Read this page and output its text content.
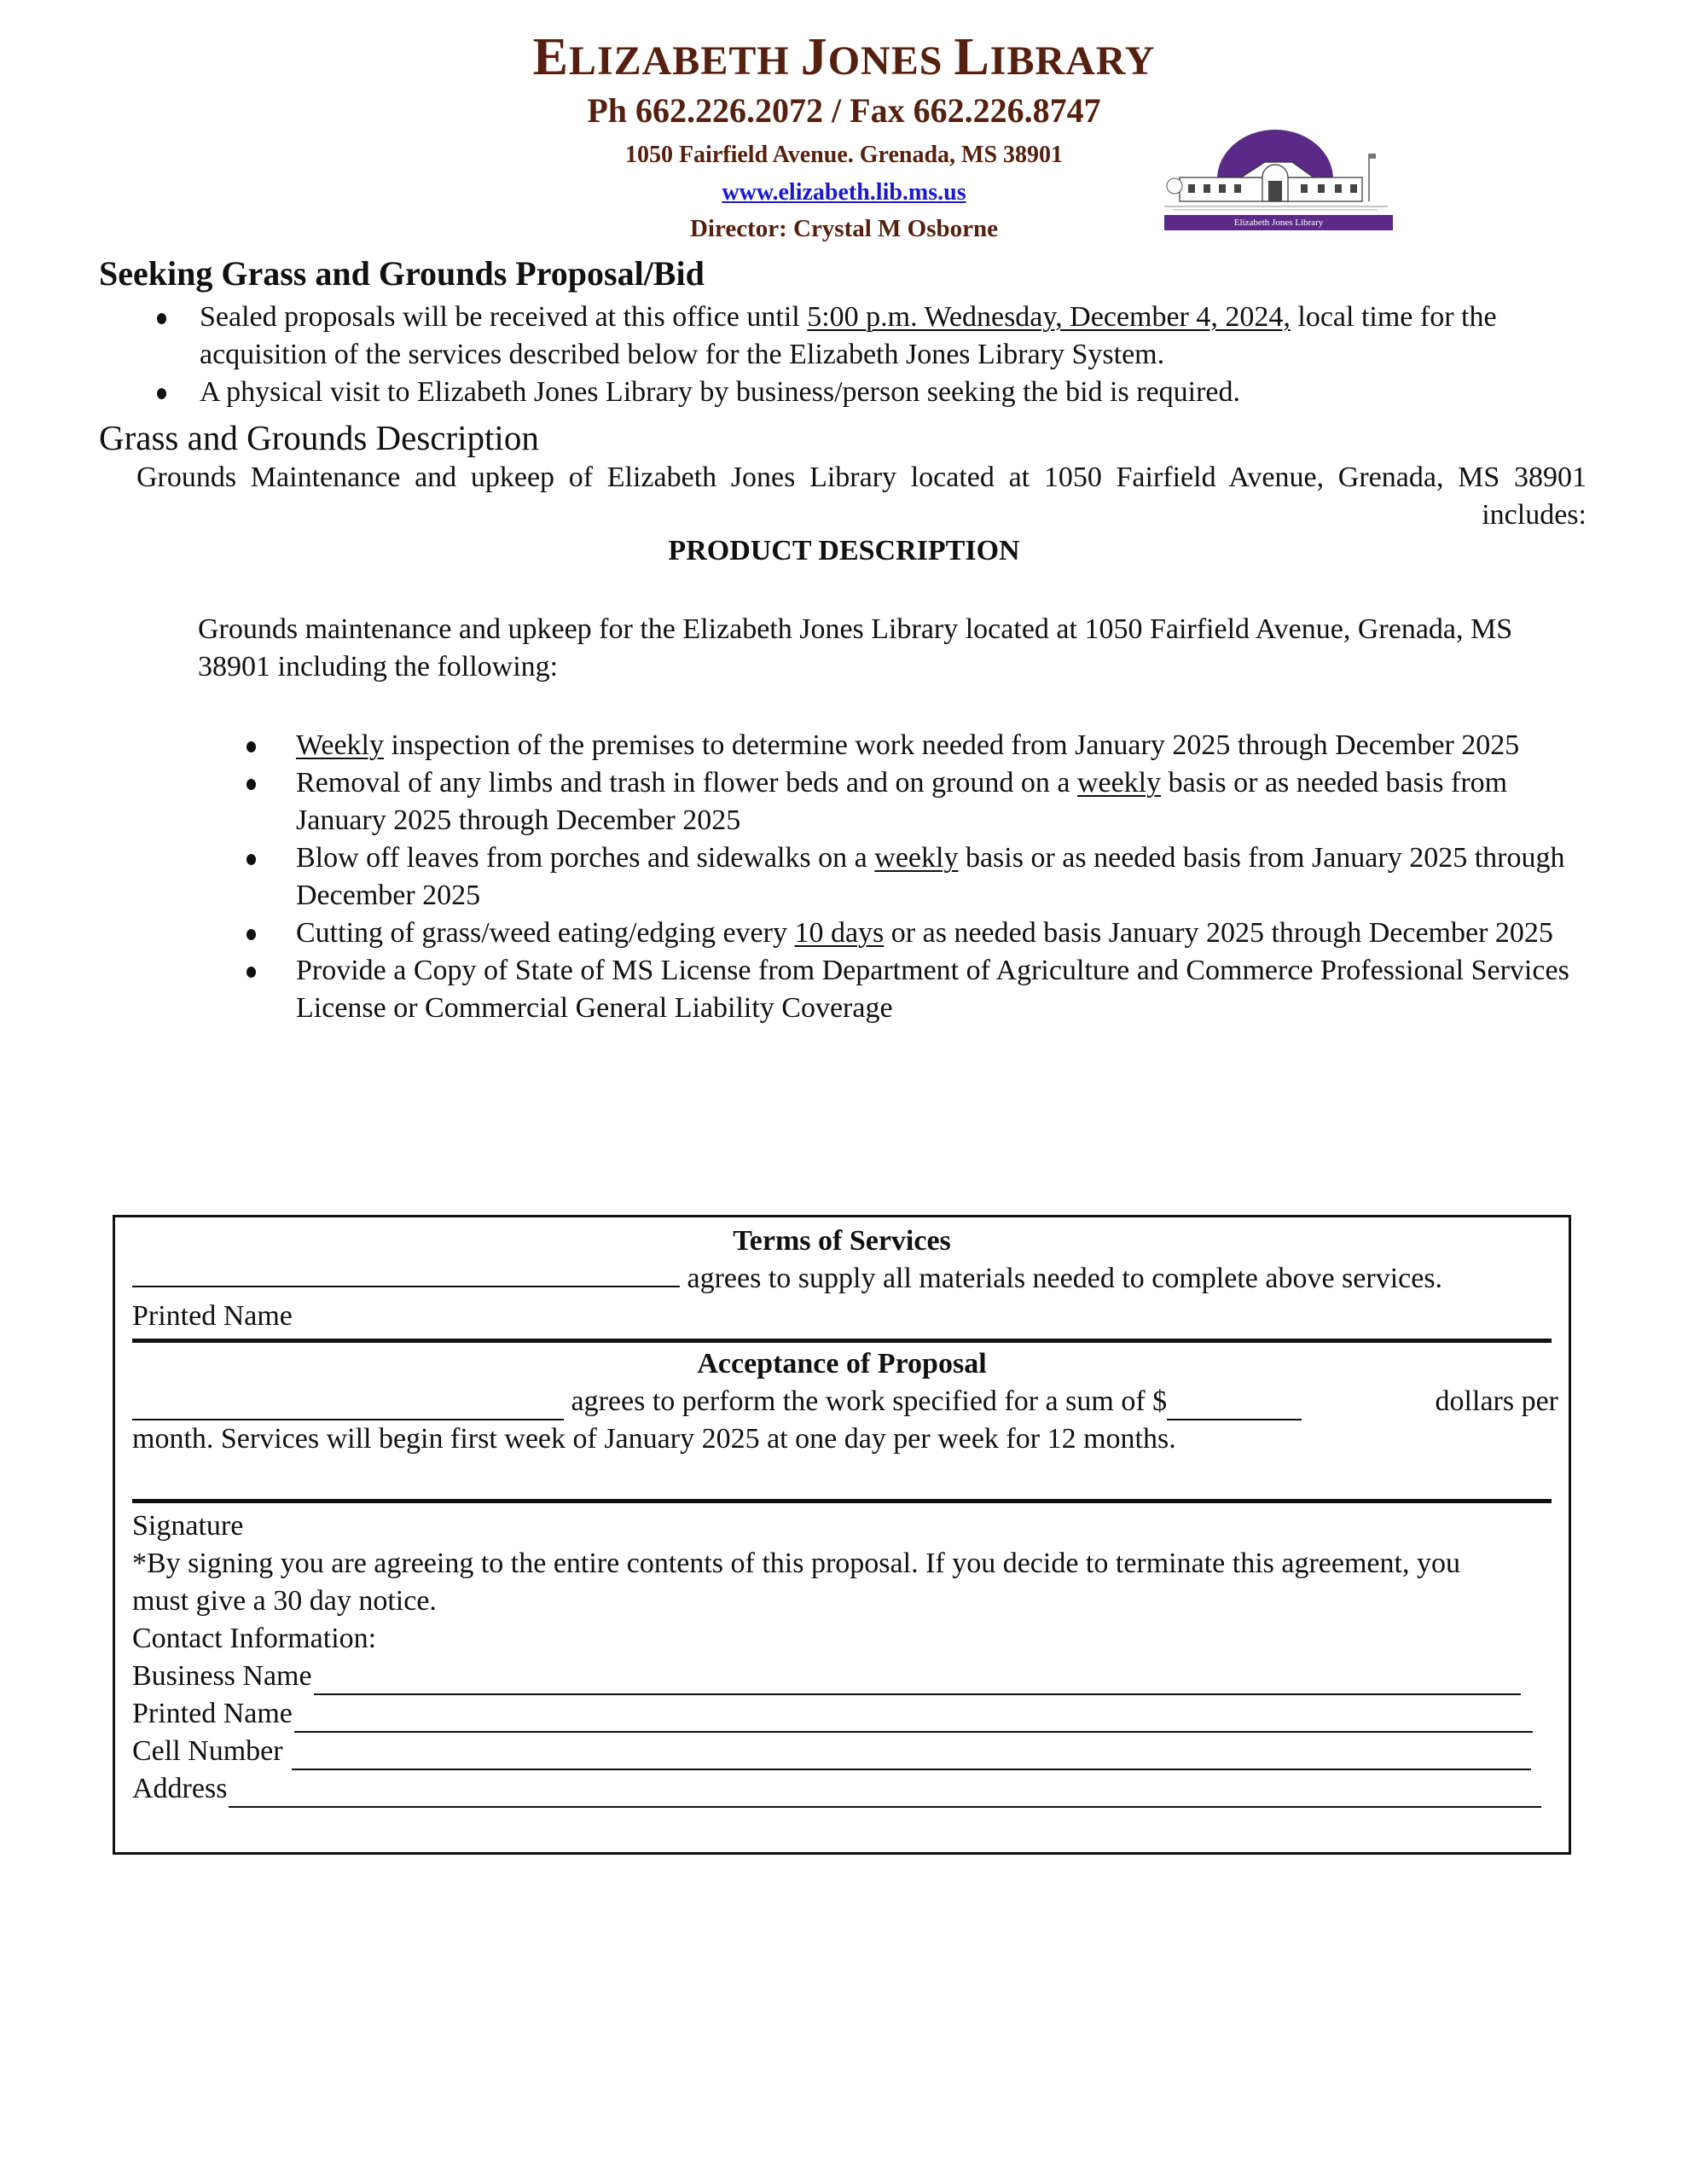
ELIZABETH JONES LIBRARY
Ph 662.226.2072 / Fax 662.226.8747
1050 Fairfield Avenue. Grenada, MS 38901
www.elizabeth.lib.ms.us
Director: Crystal M Osborne	Elizabeth Jones Library
Seeking Grass and Grounds Proposal/Bid
Sealed proposals will be received at this office until 5:00 p.m. Wednesday, December 4, 2024, local time for the acquisition of the services described below for the Elizabeth Jones Library System.
A physical visit to Elizabeth Jones Library by business/person seeking the bid is required.
Grass and Grounds Description
Grounds Maintenance and upkeep of Elizabeth Jones Library located at 1050 Fairfield Avenue, Grenada, MS 38901 includes:
PRODUCT DESCRIPTION
Grounds maintenance and upkeep for the Elizabeth Jones Library located at 1050 Fairfield Avenue, Grenada, MS 38901 including the following:
Weekly inspection of the premises to determine work needed from January 2025 through December 2025
Removal of any limbs and trash in flower beds and on ground on a weekly basis or as needed basis from January 2025 through December 2025
Blow off leaves from porches and sidewalks on a weekly basis or as needed basis from January 2025 through December 2025
Cutting of grass/weed eating/edging every 10 days or as needed basis January 2025 through December 2025
Provide a Copy of State of MS License from Department of Agriculture and Commerce Professional Services License or Commercial General Liability Coverage
Terms of Services
agrees to supply all materials needed to complete above services.
Printed Name
Acceptance of Proposal
agrees to perform the work specified for a sum of $	dollars per
month. Services will begin first week of January 2025 at one day per week for 12 months.
Signature
*By signing you are agreeing to the entire contents of this proposal. If you decide to terminate this agreement, you must give a 30 day notice.
Contact Information:
Business Name
Printed Name
Cell Number
Address
